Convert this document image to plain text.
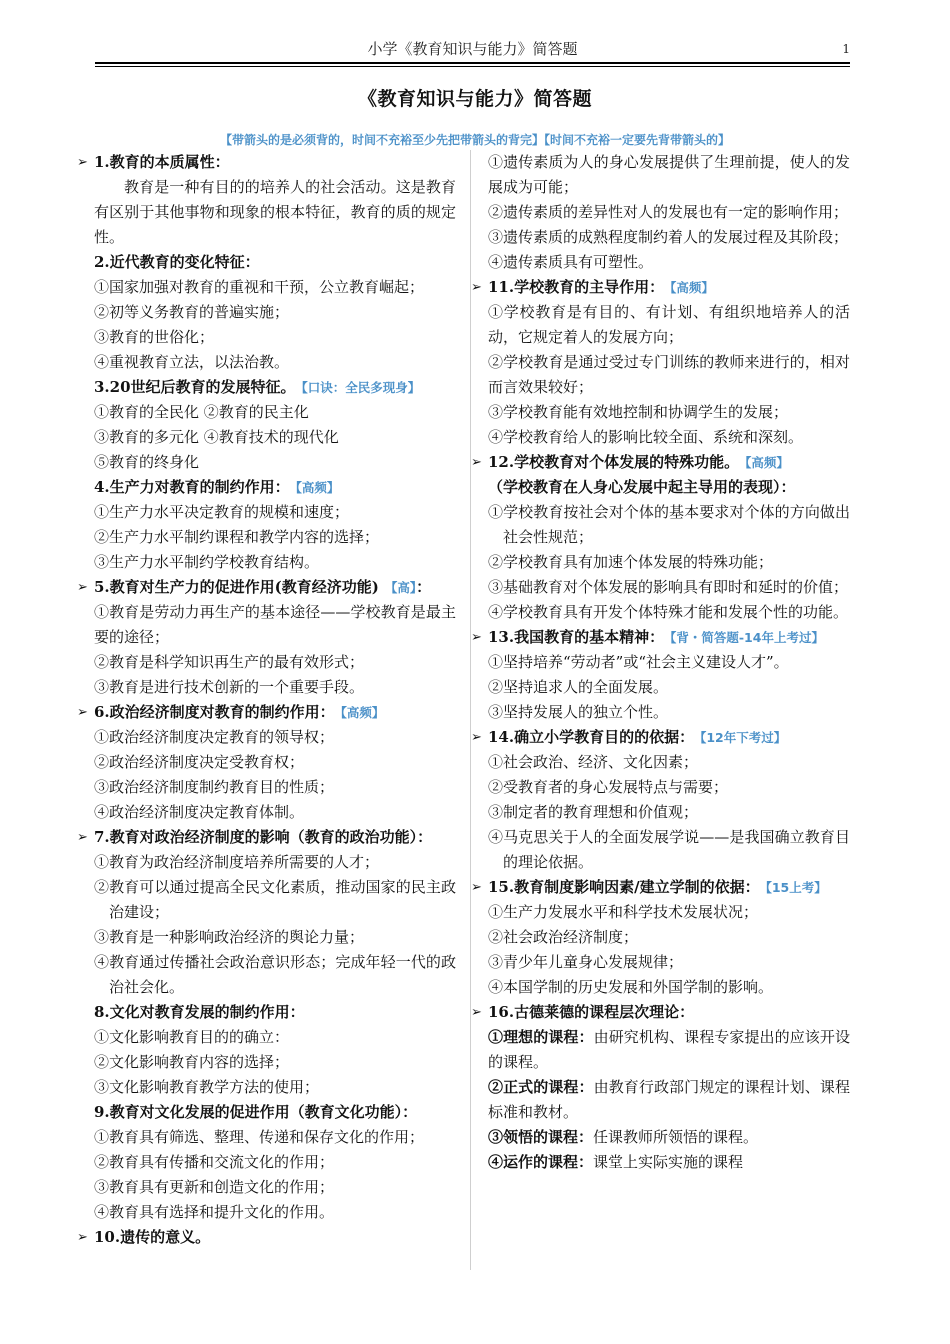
小学《教育知识与能力》简答题	1
《教育知识与能力》简答题
【带箭头的是必须背的，时间不充裕至少先把带箭头的背完】【时间不充裕一定要先背带箭头的】
➢ 1.教育的本质属性：
教育是一种有目的的培养人的社会活动。这是教育有区别于其他事物和现象的根本特征，教育的质的规定性。
2.近代教育的变化特征：
①国家加强对教育的重视和干预，公立教育崛起；
②初等义务教育的普遍实施；
③教育的世俗化；
④重视教育立法，以法治教。
3.20世纪后教育的发展特征。 【口诀：全民多现身】
①教育的全民化 ②教育的民主化
③教育的多元化 ④教育技术的现代化
⑤教育的终身化
4.生产力对教育的制约作用： 【高频】
①生产力水平决定教育的规模和速度；
②生产力水平制约课程和教学内容的选择；
③生产力水平制约学校教育结构。
➢ 5.教育对生产力的促进作用(教育经济功能) 【高】：
①教育是劳动力再生产的基本途径——学校教育是最主要的途径；
②教育是科学知识再生产的最有效形式；
③教育是进行技术创新的一个重要手段。
➢ 6.政治经济制度对教育的制约作用： 【高频】
①政治经济制度决定教育的领导权；
②政治经济制度决定受教育权；
③政治经济制度制约教育目的性质；
④政治经济制度决定教育体制。
➢ 7.教育对政治经济制度的影响（教育的政治功能）：
①教育为政治经济制度培养所需要的人才；
②教育可以通过提高全民文化素质，推动国家的民主政治建设；
③教育是一种影响政治经济的舆论力量；
④教育通过传播社会政治意识形态；完成年轻一代的政治社会化。
8.文化对教育发展的制约作用：
①文化影响教育目的的确立：
②文化影响教育内容的选择；
③文化影响教育教学方法的使用；
9.教育对文化发展的促进作用（教育文化功能）：
①教育具有筛选、整理、传递和保存文化的作用；
②教育具有传播和交流文化的作用；
③教育具有更新和创造文化的作用；
④教育具有选择和提升文化的作用。
➢ 10.遗传的意义。
①遗传素质为人的身心发展提供了生理前提，使人的发展成为可能；
②遗传素质的差异性对人的发展也有一定的影响作用；
③遗传素质的成熟程度制约着人的发展过程及其阶段；
④遗传素质具有可塑性。
➢ 11.学校教育的主导作用： 【高频】
①学校教育是有目的、有计划、有组织地培养人的活动，它规定着人的发展方向；
②学校教育是通过受过专门训练的教师来进行的，相对而言效果较好；
③学校教育能有效地控制和协调学生的发展；
④学校教育给人的影响比较全面、系统和深刻。
➢ 12.学校教育对个体发展的特殊功能。 【高频】
（学校教育在人身心发展中起主导用的表现）：
①学校教育按社会对个体的基本要求对个体的方向做出社会性规范；
②学校教育具有加速个体发展的特殊功能；
③基础教育对个体发展的影响具有即时和延时的价值；
④学校教育具有开发个体特殊才能和发展个性的功能。
➢ 13.我国教育的基本精神： 【背・简答题-14年上考过】
①坚持培养“劳动者”或“社会主义建设人才”。
②坚持追求人的全面发展。
③坚持发展人的独立个性。
➢ 14.确立小学教育目的的依据： 【12年下考过】
①社会政治、经济、文化因素；
②受教育者的身心发展特点与需要；
③制定者的教育理想和价值观；
④马克思关于人的全面发展学说——是我国确立教育目的理论依据。
➢ 15.教育制度影响因素/建立学制的依据： 【15上考】
①生产力发展水平和科学技术发展状况；
②社会政治经济制度；
③青少年儿童身心发展规律；
④本国学制的历史发展和外国学制的影响。
➢ 16.古德莱德的课程层次理论：
①理想的课程：由研究机构、课程专家提出的应该开设的课程。
②正式的课程：由教育行政部门规定的课程计划、课程标准和教材。
③领悟的课程：任课教师所领悟的课程。
④运作的课程：课堂上实际实施的课程
